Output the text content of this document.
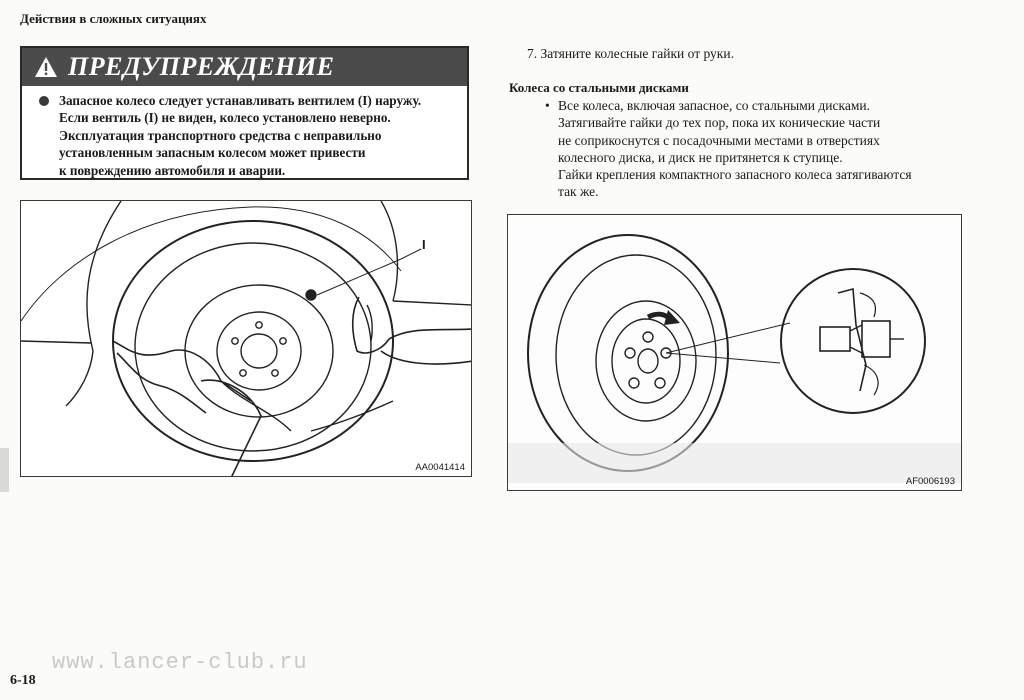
Действия в сложных ситуациях
ПРЕДУПРЕЖДЕНИЕ
Запасное колесо следует устанавливать вентилем (I) наружу.
Если вентиль (I) не виден, колесо установлено неверно.
Эксплуатация транспортного средства с неправильно
установленным запасным колесом может привести
к повреждению автомобиля и аварии.
I
AA0041414

7. Затяните колесные гайки от руки.

Колеса со стальными дисками
• Все колеса, включая запасное, со стальными дисками.
Затягивайте гайки до тех пор, пока их конические части
не соприкоснутся с посадочными местами в отверстиях
колесного диска, и диск не притянется к ступице.
Гайки крепления компактного запасного колеса затягиваются
так же.
AF0006193
www.lancer-club.ru
6-18
